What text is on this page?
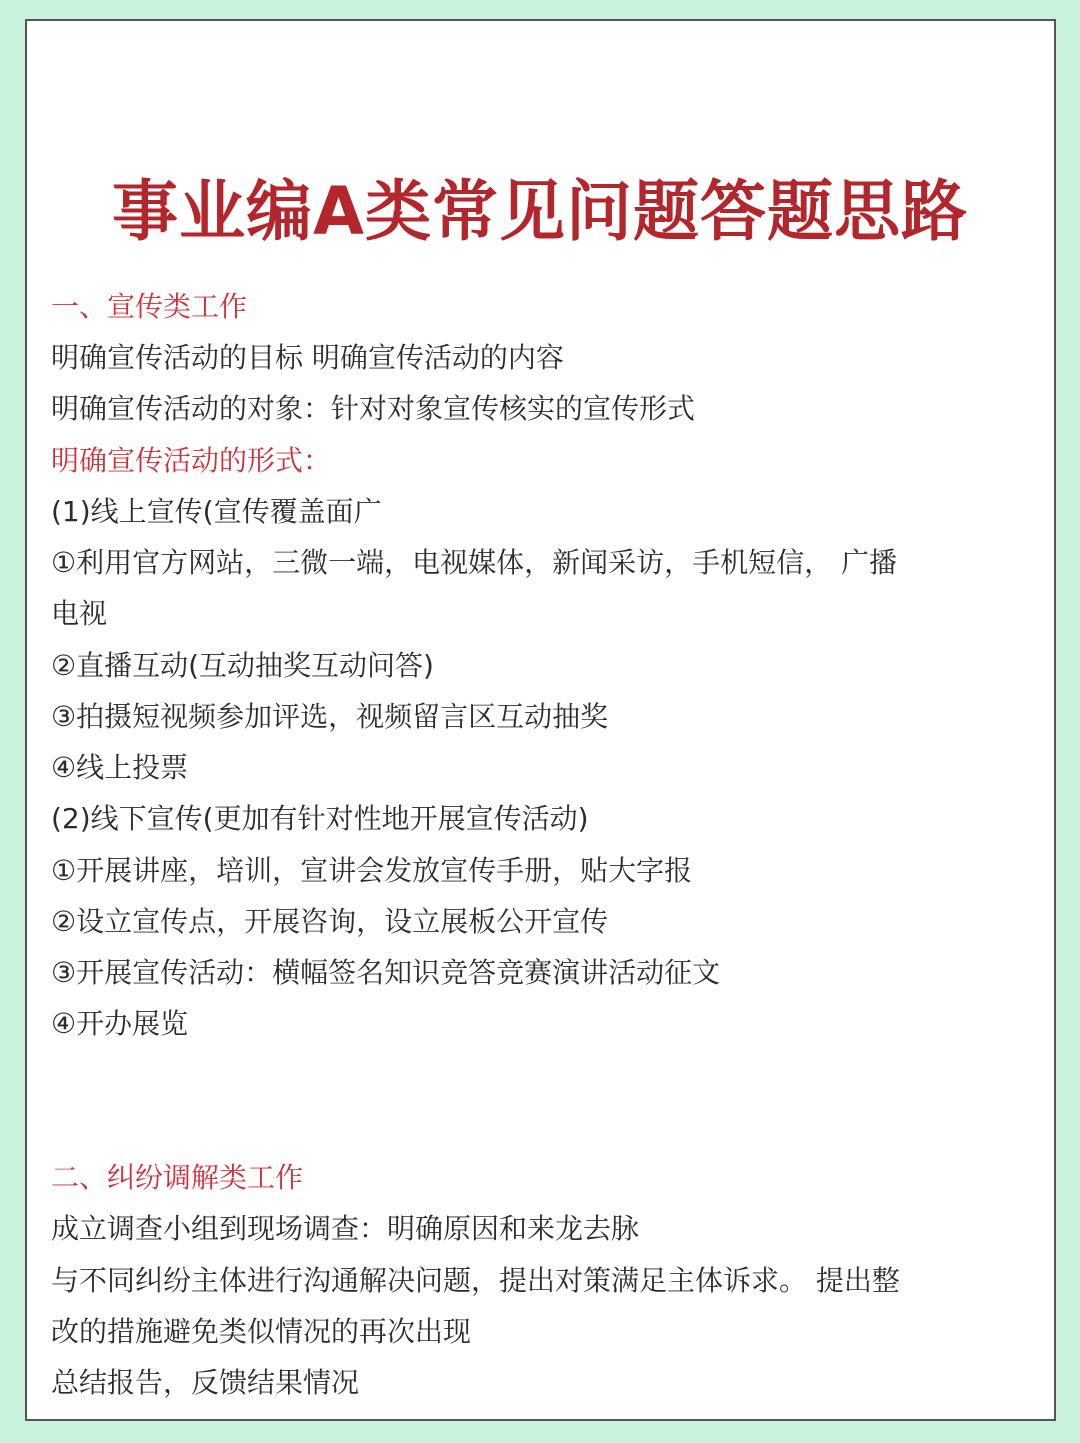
事业编A类常见问题答题思路
一、宣传类工作
明确宣传活动的目标 明确宣传活动的内容
明确宣传活动的对象：针对对象宣传核实的宣传形式
明确宣传活动的形式：
(1)线上宣传(宣传覆盖面广
①利用官方网站，三微一端，电视媒体，新闻采访，手机短信， 广播
电视
②直播互动(互动抽奖互动问答)
③拍摄短视频参加评选，视频留言区互动抽奖
④线上投票
(2)线下宣传(更加有针对性地开展宣传活动)
①开展讲座，培训，宣讲会发放宣传手册，贴大字报
②设立宣传点，开展咨询，设立展板公开宣传
③开展宣传活动：横幅签名知识竞答竞赛演讲活动征文
④开办展览
二、纠纷调解类工作
成立调查小组到现场调查：明确原因和来龙去脉
与不同纠纷主体进行沟通解决问题，提出对策满足主体诉求。 提出整
改的措施避免类似情况的再次出现
总结报告，反馈结果情况
